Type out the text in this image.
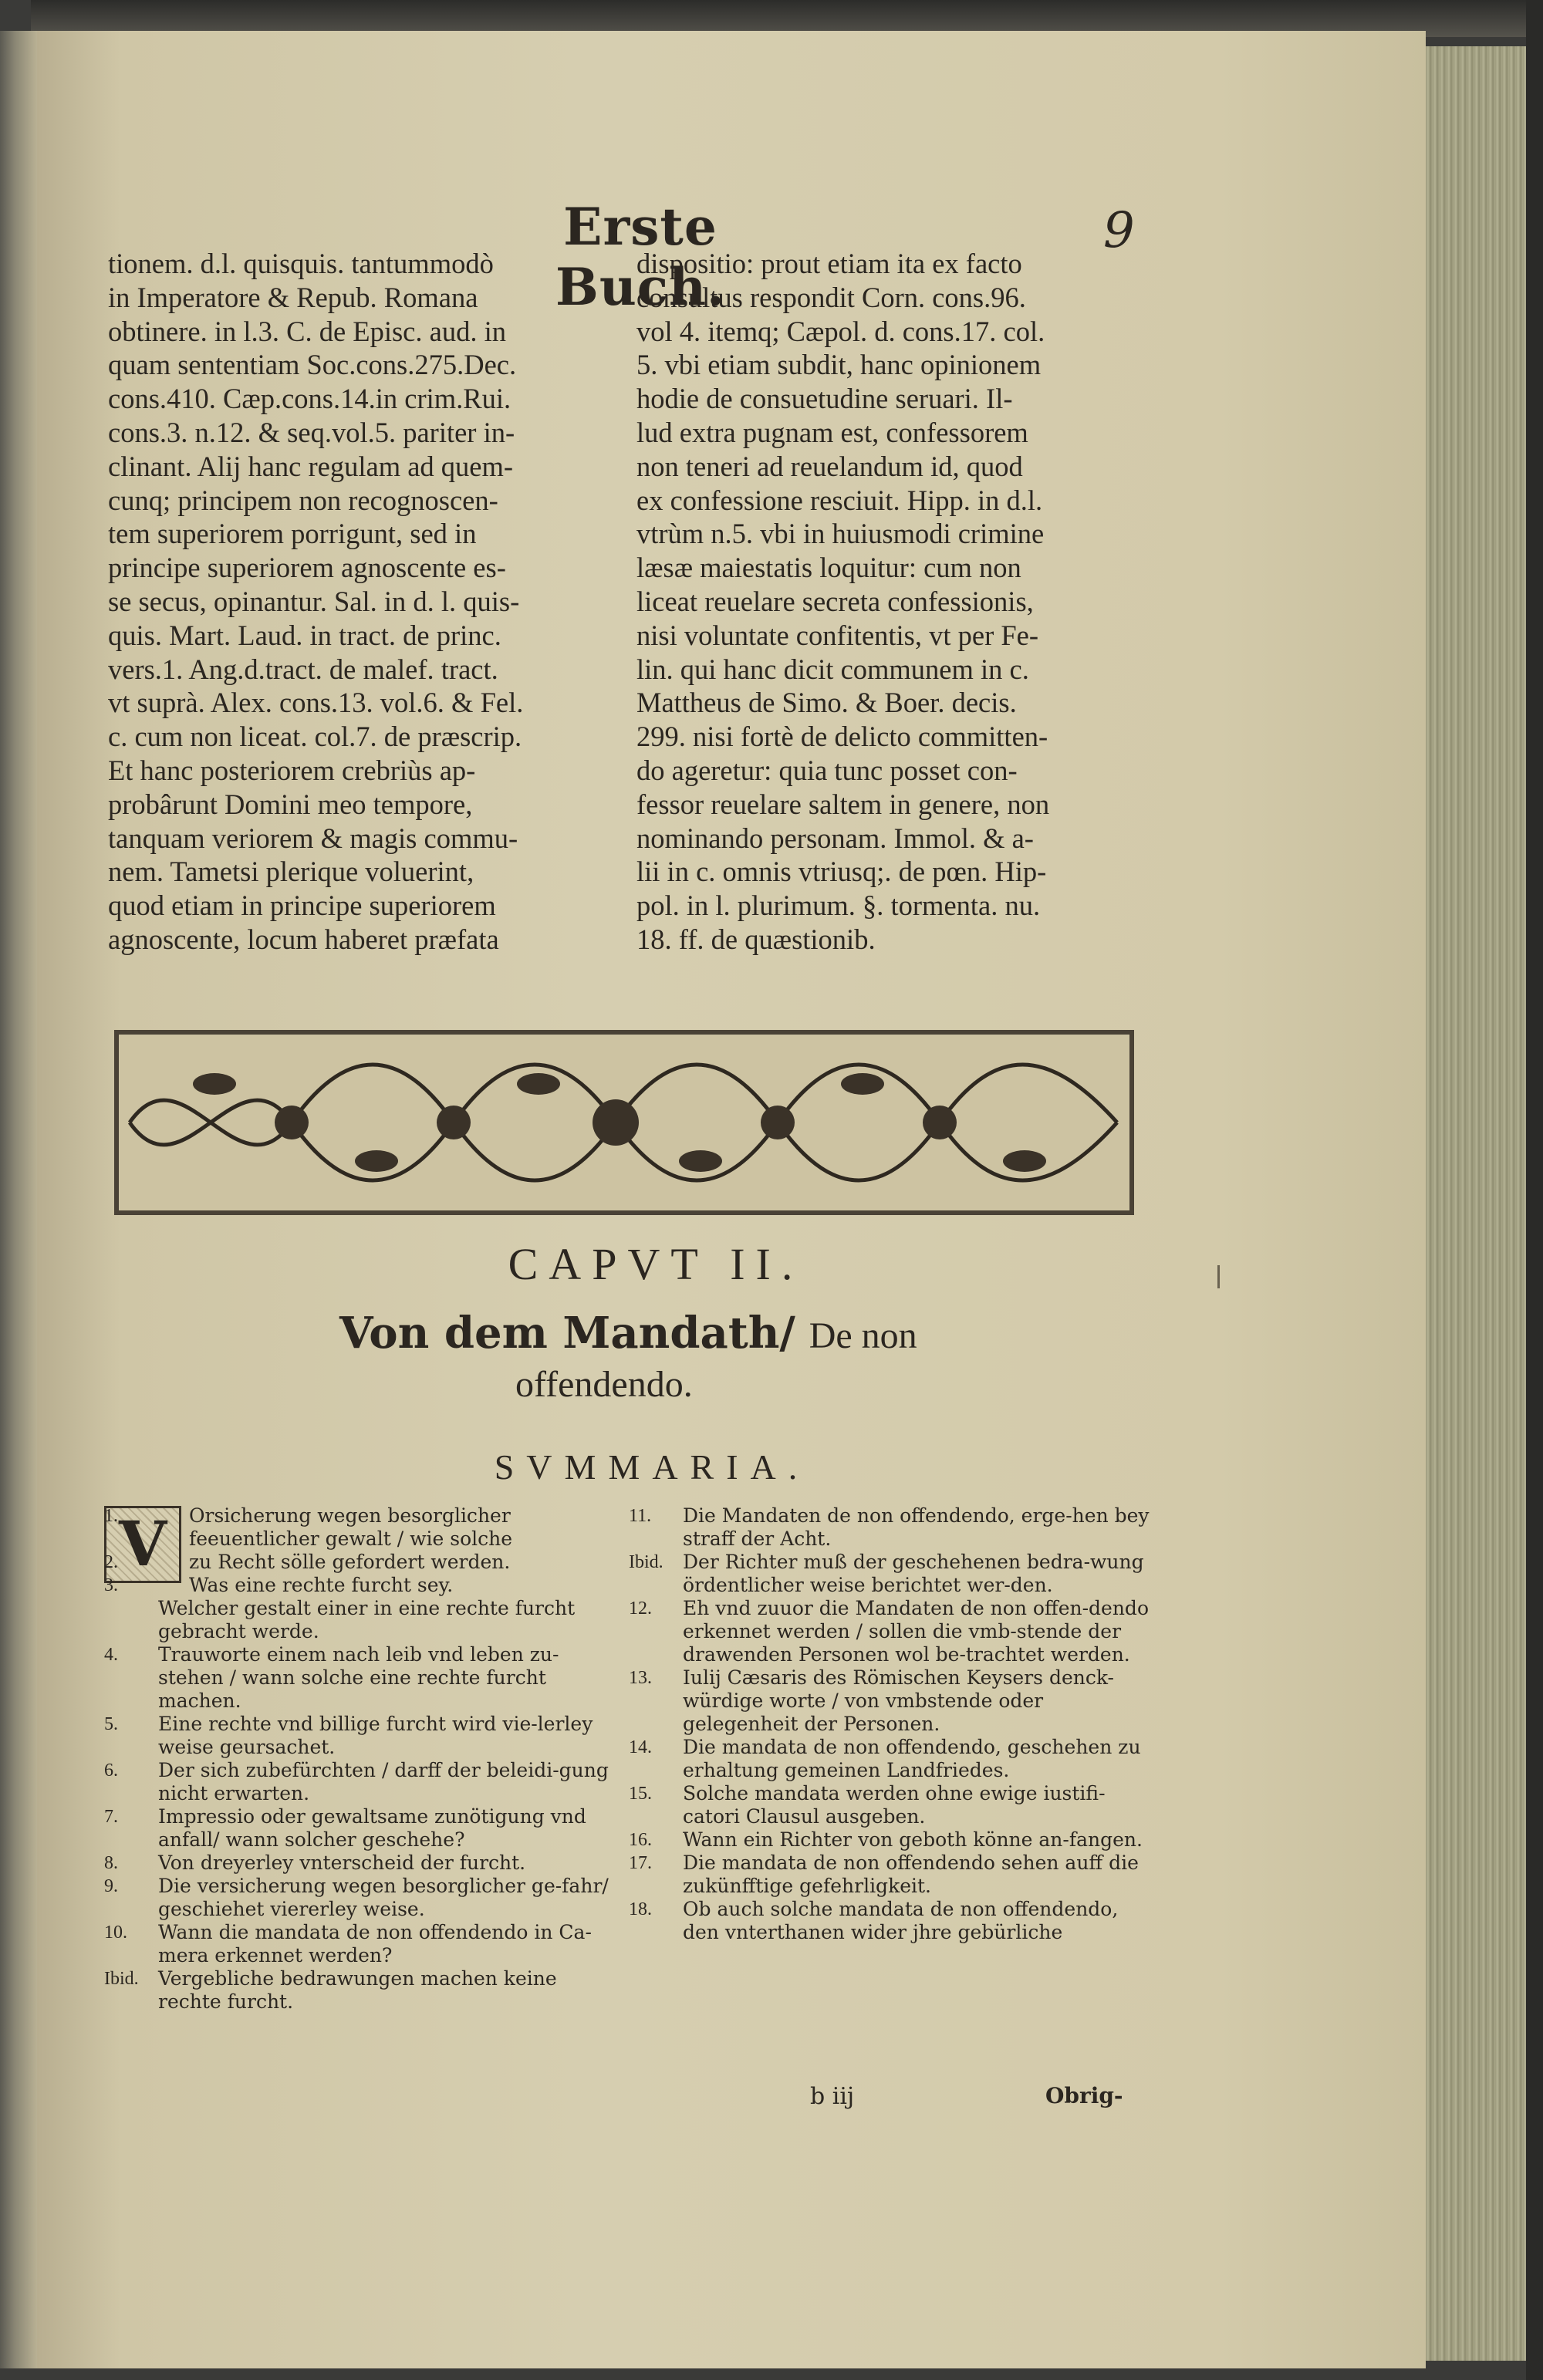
Erste Buch.
9
tionem. d.l. quisquis. tantummodò
in Imperatore & Repub. Romana
obtinere. in l.3. C. de Episc. aud. in
quam sententiam Soc.cons.275.Dec.
cons.410. Cæp.cons.14.in crim.Rui.
cons.3. n.12. & seq.vol.5. pariter in-
clinant. Alij hanc regulam ad quem-
cunq; principem non recognoscen-
tem superiorem porrigunt, sed in
principe superiorem agnoscente es-
se secus, opinantur. Sal. in d. l. quis-
quis. Mart. Laud. in tract. de princ.
vers.1. Ang.d.tract. de malef. tract.
vt suprà. Alex. cons.13. vol.6. & Fel.
c. cum non liceat. col.7. de præscrip.
Et hanc posteriorem crebriùs ap-
probârunt Domini meo tempore,
tanquam veriorem & magis commu-
nem. Tametsi plerique voluerint,
quod etiam in principe superiorem
agnoscente, locum haberet præfata
dispositio: prout etiam ita ex facto
consultus respondit Corn. cons.96.
vol 4. itemq; Cæpol. d. cons.17. col.
5. vbi etiam subdit, hanc opinionem
hodie de consuetudine seruari. Il-
lud extra pugnam est, confessorem
non teneri ad reuelandum id, quod
ex confessione resciuit. Hipp. in d.l.
vtrùm n.5. vbi in huiusmodi crimine
læsæ maiestatis loquitur: cum non
liceat reuelare secreta confessionis,
nisi voluntate confitentis, vt per Fe-
lin. qui hanc dicit communem in c.
Mattheus de Simo. & Boer. decis.
299. nisi fortè de delicto committen-
do ageretur: quia tunc posset con-
fessor reuelare saltem in genere, non
nominando personam. Immol. & a-
lii in c. omnis vtriusq;. de pœn. Hip-
pol. in l. plurimum. §. tormenta. nu.
18. ff. de quæstionib.
CAPVT II.
Von dem Mandath/ De non
offendendo.
SVMMARIA.
V
1.	Orsicherung wegen besorglicher feeuentlicher gewalt / wie solche
2.	zu Recht sölle gefordert werden.
3.	Was eine rechte furcht sey.
Welcher gestalt einer in eine rechte furcht gebracht werde.
4.	Trauworte einem nach leib vnd leben zu-stehen / wann solche eine rechte furcht machen.
5.	Eine rechte vnd billige furcht wird vie-lerley weise geursachet.
6.	Der sich zubefürchten / darff der beleidi-gung nicht erwarten.
7.	Impressio oder gewaltsame zunötigung vnd anfall/ wann solcher geschehe?
8.	Von dreyerley vnterscheid der furcht.
9.	Die versicherung wegen besorglicher ge-fahr/ geschiehet viererley weise.
10.	Wann die mandata de non offendendo in Ca-mera erkennet werden?
Ibid.	Vergebliche bedrawungen machen keine rechte furcht.
11.	Die Mandaten de non offendendo, erge-hen bey straff der Acht.
Ibid.	Der Richter muß der geschehenen bedra-wung ördentlicher weise berichtet wer-den.
12.	Eh vnd zuuor die Mandaten de non offen-dendo erkennet werden / sollen die vmb-stende der drawenden Personen wol be-trachtet werden.
13.	Iulij Cæsaris des Römischen Keysers denck-würdige worte / von vmbstende oder gelegenheit der Personen.
14.	Die mandata de non offendendo, geschehen zu erhaltung gemeinen Landfriedes.
15.	Solche mandata werden ohne ewige iustifi-catori Clausul ausgeben.
16.	Wann ein Richter von geboth könne an-fangen.
17.	Die mandata de non offendendo sehen auff die zukünfftige gefehrligkeit.
18.	Ob auch solche mandata de non offendendo, den vnterthanen wider jhre gebürliche
b iij	Obrig-
